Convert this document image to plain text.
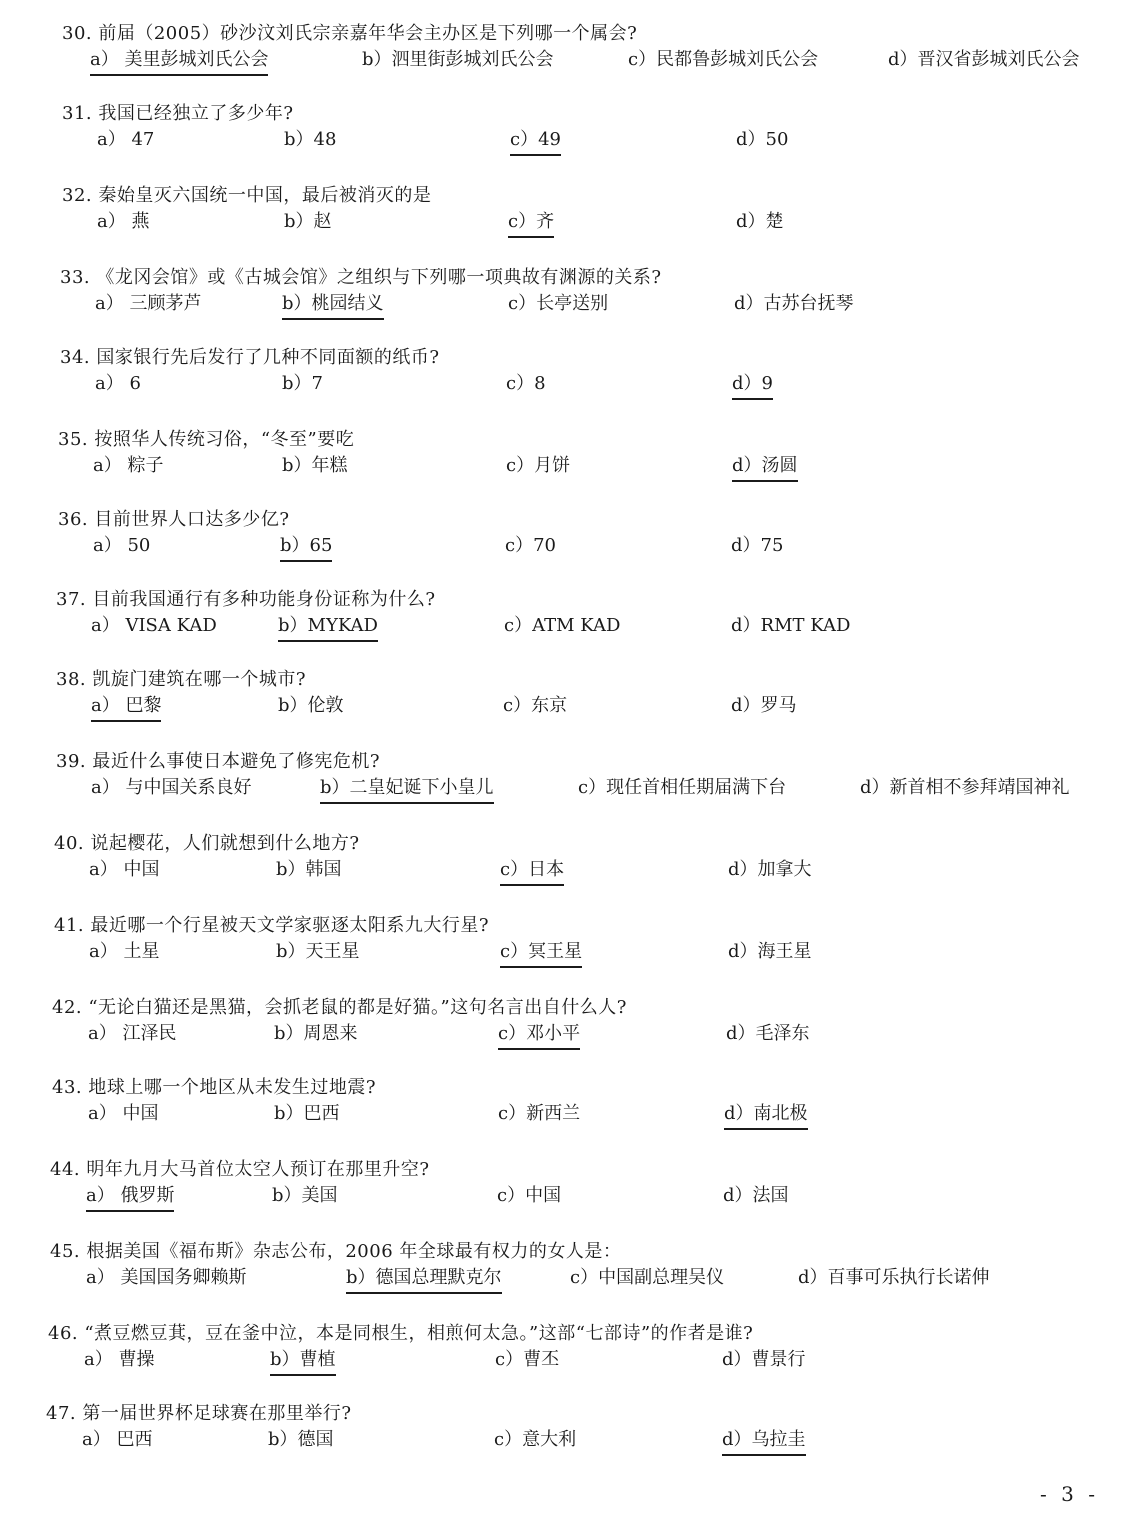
30. 前届（2005）砂沙汶刘氏宗亲嘉年华会主办区是下列哪一个属会?
a） 美里彭城刘氏公会	b）泗里街彭城刘氏公会	c）民都鲁彭城刘氏公会	d）晋汉省彭城刘氏公会
31. 我国已经独立了多少年?
a） 47	b）48	c）49	d）50
32. 秦始皇灭六国统一中国，最后被消灭的是
a） 燕	b）赵	c）齐	d）楚
33. 《龙冈会馆》或《古城会馆》之组织与下列哪一项典故有渊源的关系?
a） 三顾茅芦	b）桃园结义	c）长亭送别	d）古苏台抚琴
34. 国家银行先后发行了几种不同面额的纸币?
a） 6	b）7	c）8	d）9
35. 按照华人传统习俗，“冬至”要吃
a） 粽子	b）年糕	c）月饼	d）汤圆
36. 目前世界人口达多少亿?
a） 50	b）65	c）70	d）75
37. 目前我国通行有多种功能身份证称为什么?
a） VISA KAD	b）MYKAD	c）ATM KAD	d）RMT KAD
38. 凯旋门建筑在哪一个城市?
a） 巴黎	b）伦敦	c）东京	d）罗马
39. 最近什么事使日本避免了修宪危机?
a） 与中国关系良好	b）二皇妃诞下小皇儿	c）现任首相任期届满下台	d）新首相不参拜靖国神礼
40. 说起樱花，人们就想到什么地方?
a） 中国	b）韩国	c）日本	d）加拿大
41. 最近哪一个行星被天文学家驱逐太阳系九大行星?
a） 土星	b）天王星	c）冥王星	d）海王星
42. “无论白猫还是黑猫，会抓老鼠的都是好猫。”这句名言出自什么人?
a） 江泽民	b）周恩来	c）邓小平	d）毛泽东
43. 地球上哪一个地区从未发生过地震?
a） 中国	b）巴西	c）新西兰	d）南北极
44. 明年九月大马首位太空人预订在那里升空?
a） 俄罗斯	b）美国	c）中国	d）法国
45. 根据美国《福布斯》杂志公布，2006 年全球最有权力的女人是：
a） 美国国务卿赖斯	b）德国总理默克尔	c）中国副总理吴仪	d）百事可乐执行长诺伸
46. “煮豆燃豆萁，豆在釜中泣，本是同根生，相煎何太急。”这部“七部诗”的作者是谁?
a） 曹操	b）曹植	c）曹丕	d）曹景行
47. 第一届世界杯足球赛在那里举行?
a） 巴西	b）德国	c）意大利	d）乌拉圭
- 3 -
